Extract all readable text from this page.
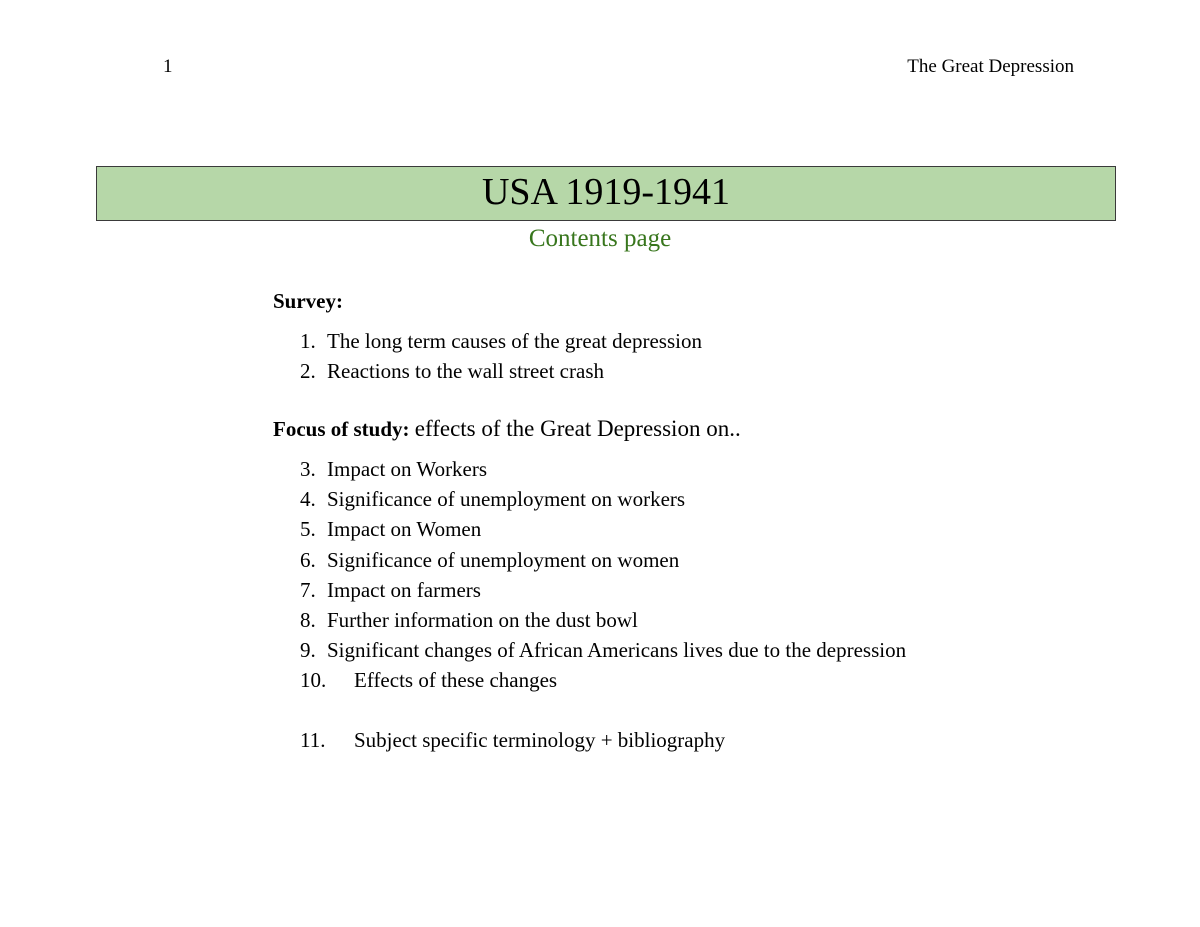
1	The Great Depression
USA 1919-1941
Contents page
Survey:
1. The long term causes of the great depression
2. Reactions to the wall street crash
Focus of study: effects of the Great Depression on..
3. Impact on Workers
4. Significance of unemployment on workers
5. Impact on Women
6. Significance of unemployment on women
7. Impact on farmers
8. Further information on the dust bowl
9. Significant changes of African Americans lives due to the depression
10. Effects of these changes
11. Subject specific terminology + bibliography
